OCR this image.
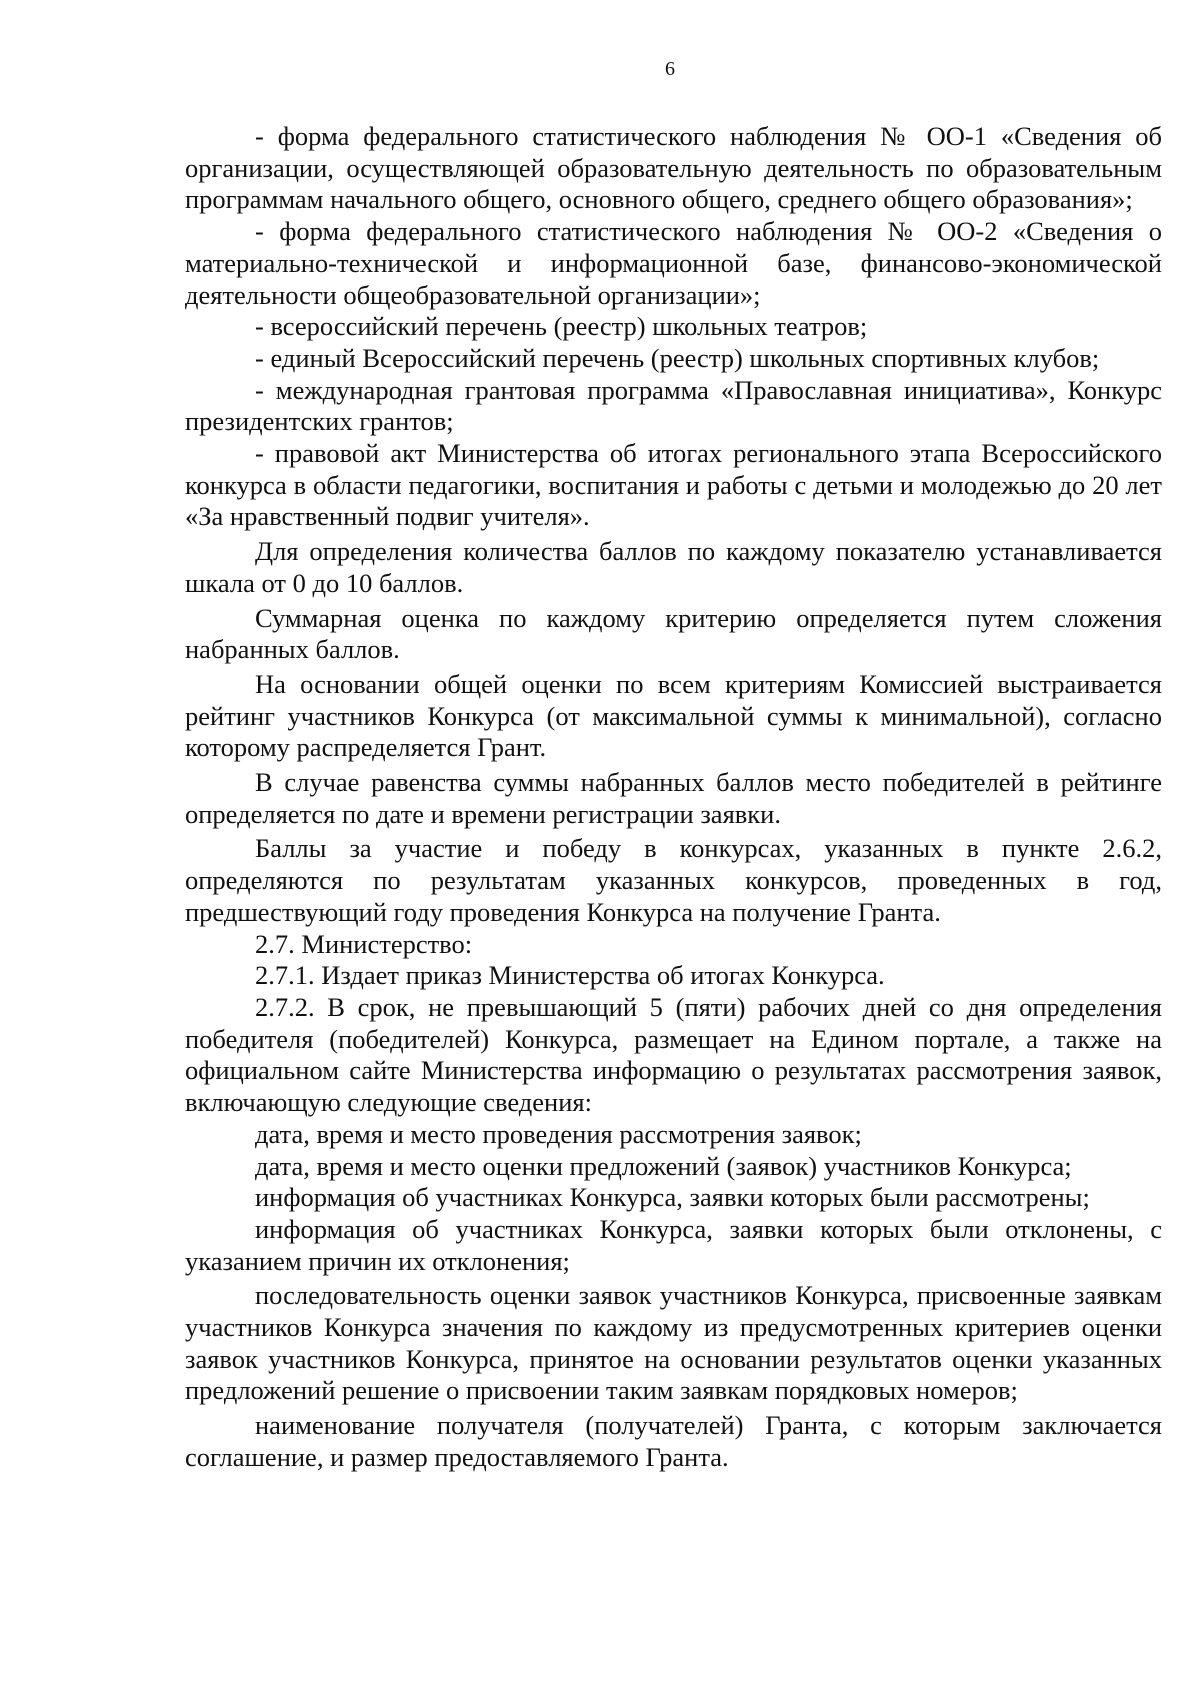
6

- форма федерального статистического наблюдения № ОО-1 «Сведения об организации, осуществляющей образовательную деятельность по образовательным программам начального общего, основного общего, среднего общего образования»;

- форма федерального статистического наблюдения № ОО-2 «Сведения о материально-технической и информационной базе, финансово-экономической деятельности общеобразовательной организации»;

- всероссийский перечень (реестр) школьных театров;

- единый Всероссийский перечень (реестр) школьных спортивных клубов;

- международная грантовая программа «Православная инициатива», Конкурс президентских грантов;

- правовой акт Министерства об итогах регионального этапа Всероссийского конкурса в области педагогики, воспитания и работы с детьми и молодежью до 20 лет «За нравственный подвиг учителя».

Для определения количества баллов по каждому показателю устанавливается шкала от 0 до 10 баллов.

Суммарная оценка по каждому критерию определяется путем сложения набранных баллов.

На основании общей оценки по всем критериям Комиссией выстраивается рейтинг участников Конкурса (от максимальной суммы к минимальной), согласно которому распределяется Грант.

В случае равенства суммы набранных баллов место победителей в рейтинге определяется по дате и времени регистрации заявки.

Баллы за участие и победу в конкурсах, указанных в пункте 2.6.2, определяются по результатам указанных конкурсов, проведенных в год, предшествующий году проведения Конкурса на получение Гранта.

2.7. Министерство:

2.7.1. Издает приказ Министерства об итогах Конкурса.

2.7.2. В срок, не превышающий 5 (пяти) рабочих дней со дня определения победителя (победителей) Конкурса, размещает на Едином портале, а также на официальном сайте Министерства информацию о результатах рассмотрения заявок, включающую следующие сведения:

дата, время и место проведения рассмотрения заявок;

дата, время и место оценки предложений (заявок) участников Конкурса;

информация об участниках Конкурса, заявки которых были рассмотрены;

информация об участниках Конкурса, заявки которых были отклонены, с указанием причин их отклонения;

последовательность оценки заявок участников Конкурса, присвоенные заявкам участников Конкурса значения по каждому из предусмотренных критериев оценки заявок участников Конкурса, принятое на основании результатов оценки указанных предложений решение о присвоении таким заявкам порядковых номеров;

наименование получателя (получателей) Гранта, с которым заключается соглашение, и размер предоставляемого Гранта.
